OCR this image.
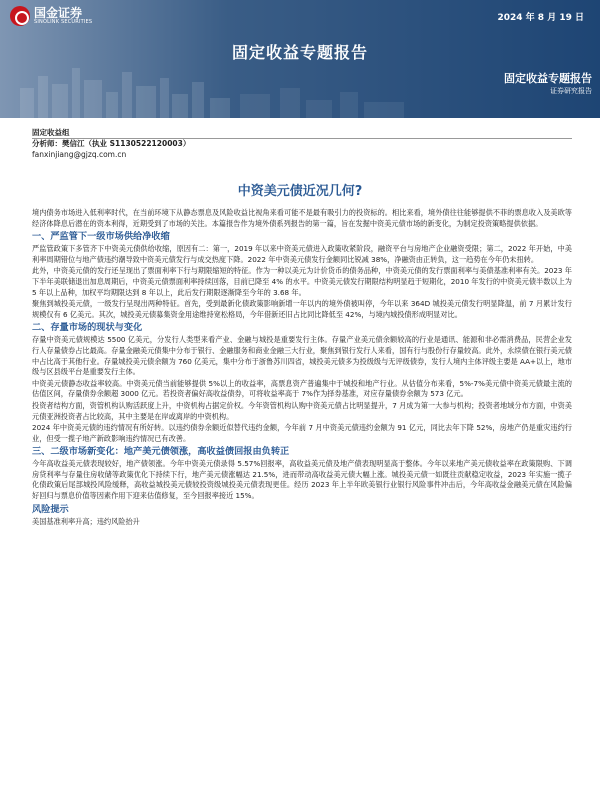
国金证券
SINOLINK SECURITIES	2024 年 8 月 19 日
固定收益专题报告
固定收益专题报告
证券研究报告
固定收益组
分析师：樊信江（执业 S1130522120003）
fanxinjiang@gjzq.com.cn
中资美元债近况几何?
境内债务市场进入低利率时代，在当前环境下从静态票息及风险收益比视角来看可能不是最有吸引力的投资标的。相比来看，境外债往往能够提供不菲的票息收入及美欧等经济体降息后潜在的资本利得，近期受到了市场的关注。本篇报告作为境外债系列报告的第一篇，旨在发掘中资美元债市场的新变化，为制定投资策略提供依据。
一、严监管下一级市场供给净收缩
严监管政策下多管齐下中资美元债供给收缩，原因有二：第一，2019 年以来中资美元债进入政策收紧阶段，融资平台与房地产企业融资受限；第二，2022 年开始，中美利率周期错位与地产债违约潮导致中资美元债发行与成交热度下降。2022 年中资美元债发行金额同比锐减 38%，净融资由正转负，这一趋势在今年仍未扭转。
此外，中资美元债的发行还呈现出了票面利率下行与期限缩短的特征。作为一种以美元为计价货币的债务品种，中资美元债的发行票面利率与美债基准利率有关。2023 年下半年美联储退出加息周期后，中资美元债票面利率持续回落，目前已降至 4% 的水平。中资美元债发行期限结构明显趋于短期化，2010 年发行的中资美元债半数以上为 5 年以上品种，加权平均期限达到 8 年以上，此后发行期限逐渐降至今年的 3.68 年。
聚焦到城投美元债，一级发行呈现出两种特征。首先，受到最新化债政策影响新增一年以内的境外债被叫停，今年以来 364D 城投美元债发行明显降温，前 7 月累计发行规模仅有 6 亿美元。其次，城投美元债募集资金用途维持宽松格局，今年借新还旧占比同比降低至 42%，与境内城投债形成明显对比。
二、存量市场的现状与变化
存量中资美元债规模达 5500 亿美元，分发行人类型来看产业、金融与城投是重要发行主体。存量产业美元债余额较高的行业是通讯、能源和非必需消费品，民营企业发行人存量债券占比最高。存量金融美元债集中分布于银行、金融服务和商业金融三大行业，聚焦到银行发行人来看，国有行与股份行存量较高。此外，永续债在银行美元债中占比高于其他行业。存量城投美元债余额为 760 亿美元，集中分布于浙鲁苏川四省，城投美元债多为投级级与无评级债券，发行人境内主体评级主要是 AA+以上，地市级与区县级平台是重要发行主体。
中资美元债静态收益率较高。中资美元债当前能够提供 5%以上的收益率，高票息资产普遍集中于城投和地产行业。从估值分布来看，5%-7%美元债中资美元债最主流的估值区间，存量债券余额超 3000 亿元。若投资者偏好高收益债券，可将收益率高于 7%作为择券基准，对应存量债券余额为 573 亿元。
投资者结构方面，资管机构认购活跃度上升，中资机构占据定价权。今年资管机构认购中资美元债占比明显提升，7 月成为第一大参与机构；投资者地域分布方面，中资美元债亚洲投资者占比较高，其中主要是在岸或离岸的中资机构。
2024 年中资美元债的违约情况有所好转。以违约债券余额近似替代违约金额，今年前 7 月中资美元债违约金额为 91 亿元，同比去年下降 52%，房地产仍是重灾违约行业，但受一揽子地产新政影响违约情况已有改善。
三、二级市场新变化：地产美元债领涨，高收益债回报由负转正
今年高收益美元债表现较好，地产债领涨。今年中资美元债录得 5.57%回报率，高收益美元债及地产债表现明显高于整体。今年以来地产美元债收益率在政策限购、下调房贷利率与存量住房收储等政策优化下持续下行，地产美元债涨幅达 21.5%，进而带动高收益美元债大幅上涨。城投美元债一如既往贡献稳定收益，2023 年实施一揽子化债政策后尾部城投风险缓释，高收益城投美元债较投资级城投美元债表现更佳。经历 2023 年上半年欧美银行业银行风险事件冲击后，今年高收益金融美元债在风险偏好回归与票息价值等因素作用下迎来估值修复，至今回报率接近 15%。
风险提示
美国基准利率升高；违约风险抬升
